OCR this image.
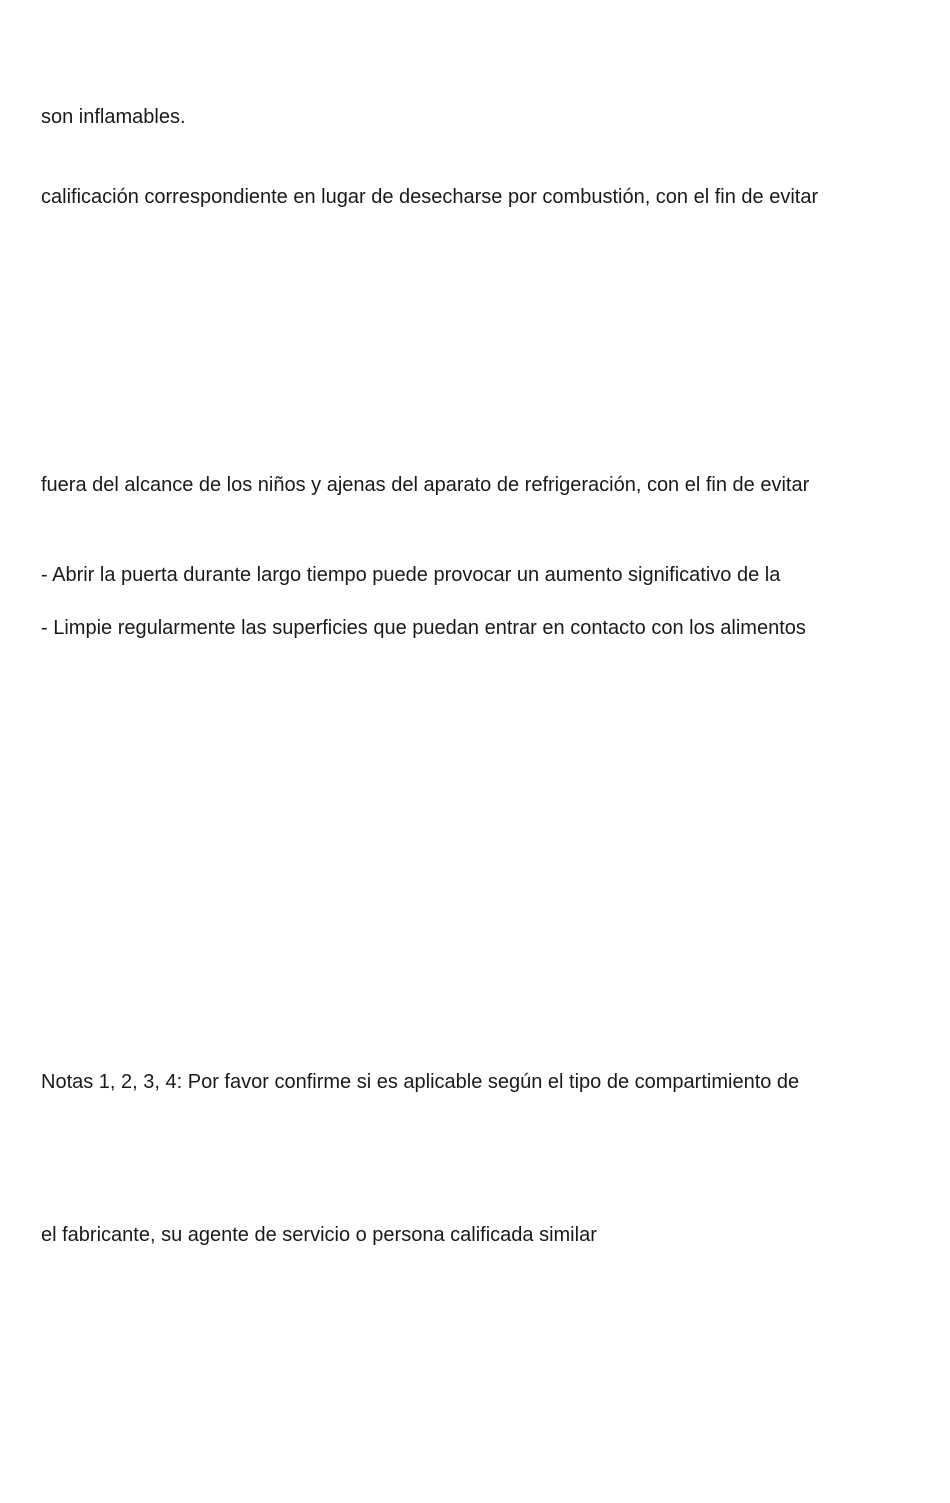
son inflamables.

calificación correspondiente en lugar de desecharse por combustión, con el fin de evitar

fuera del alcance de los niños y ajenas del aparato de refrigeración, con el fin de evitar

- Abrir la puerta durante largo tiempo puede provocar un aumento significativo de la

- Limpie regularmente las superficies que puedan entrar en contacto con los alimentos

Notas 1, 2, 3, 4: Por favor confirme si es aplicable según el tipo de compartimiento de

el fabricante, su agente de servicio o persona calificada similar
